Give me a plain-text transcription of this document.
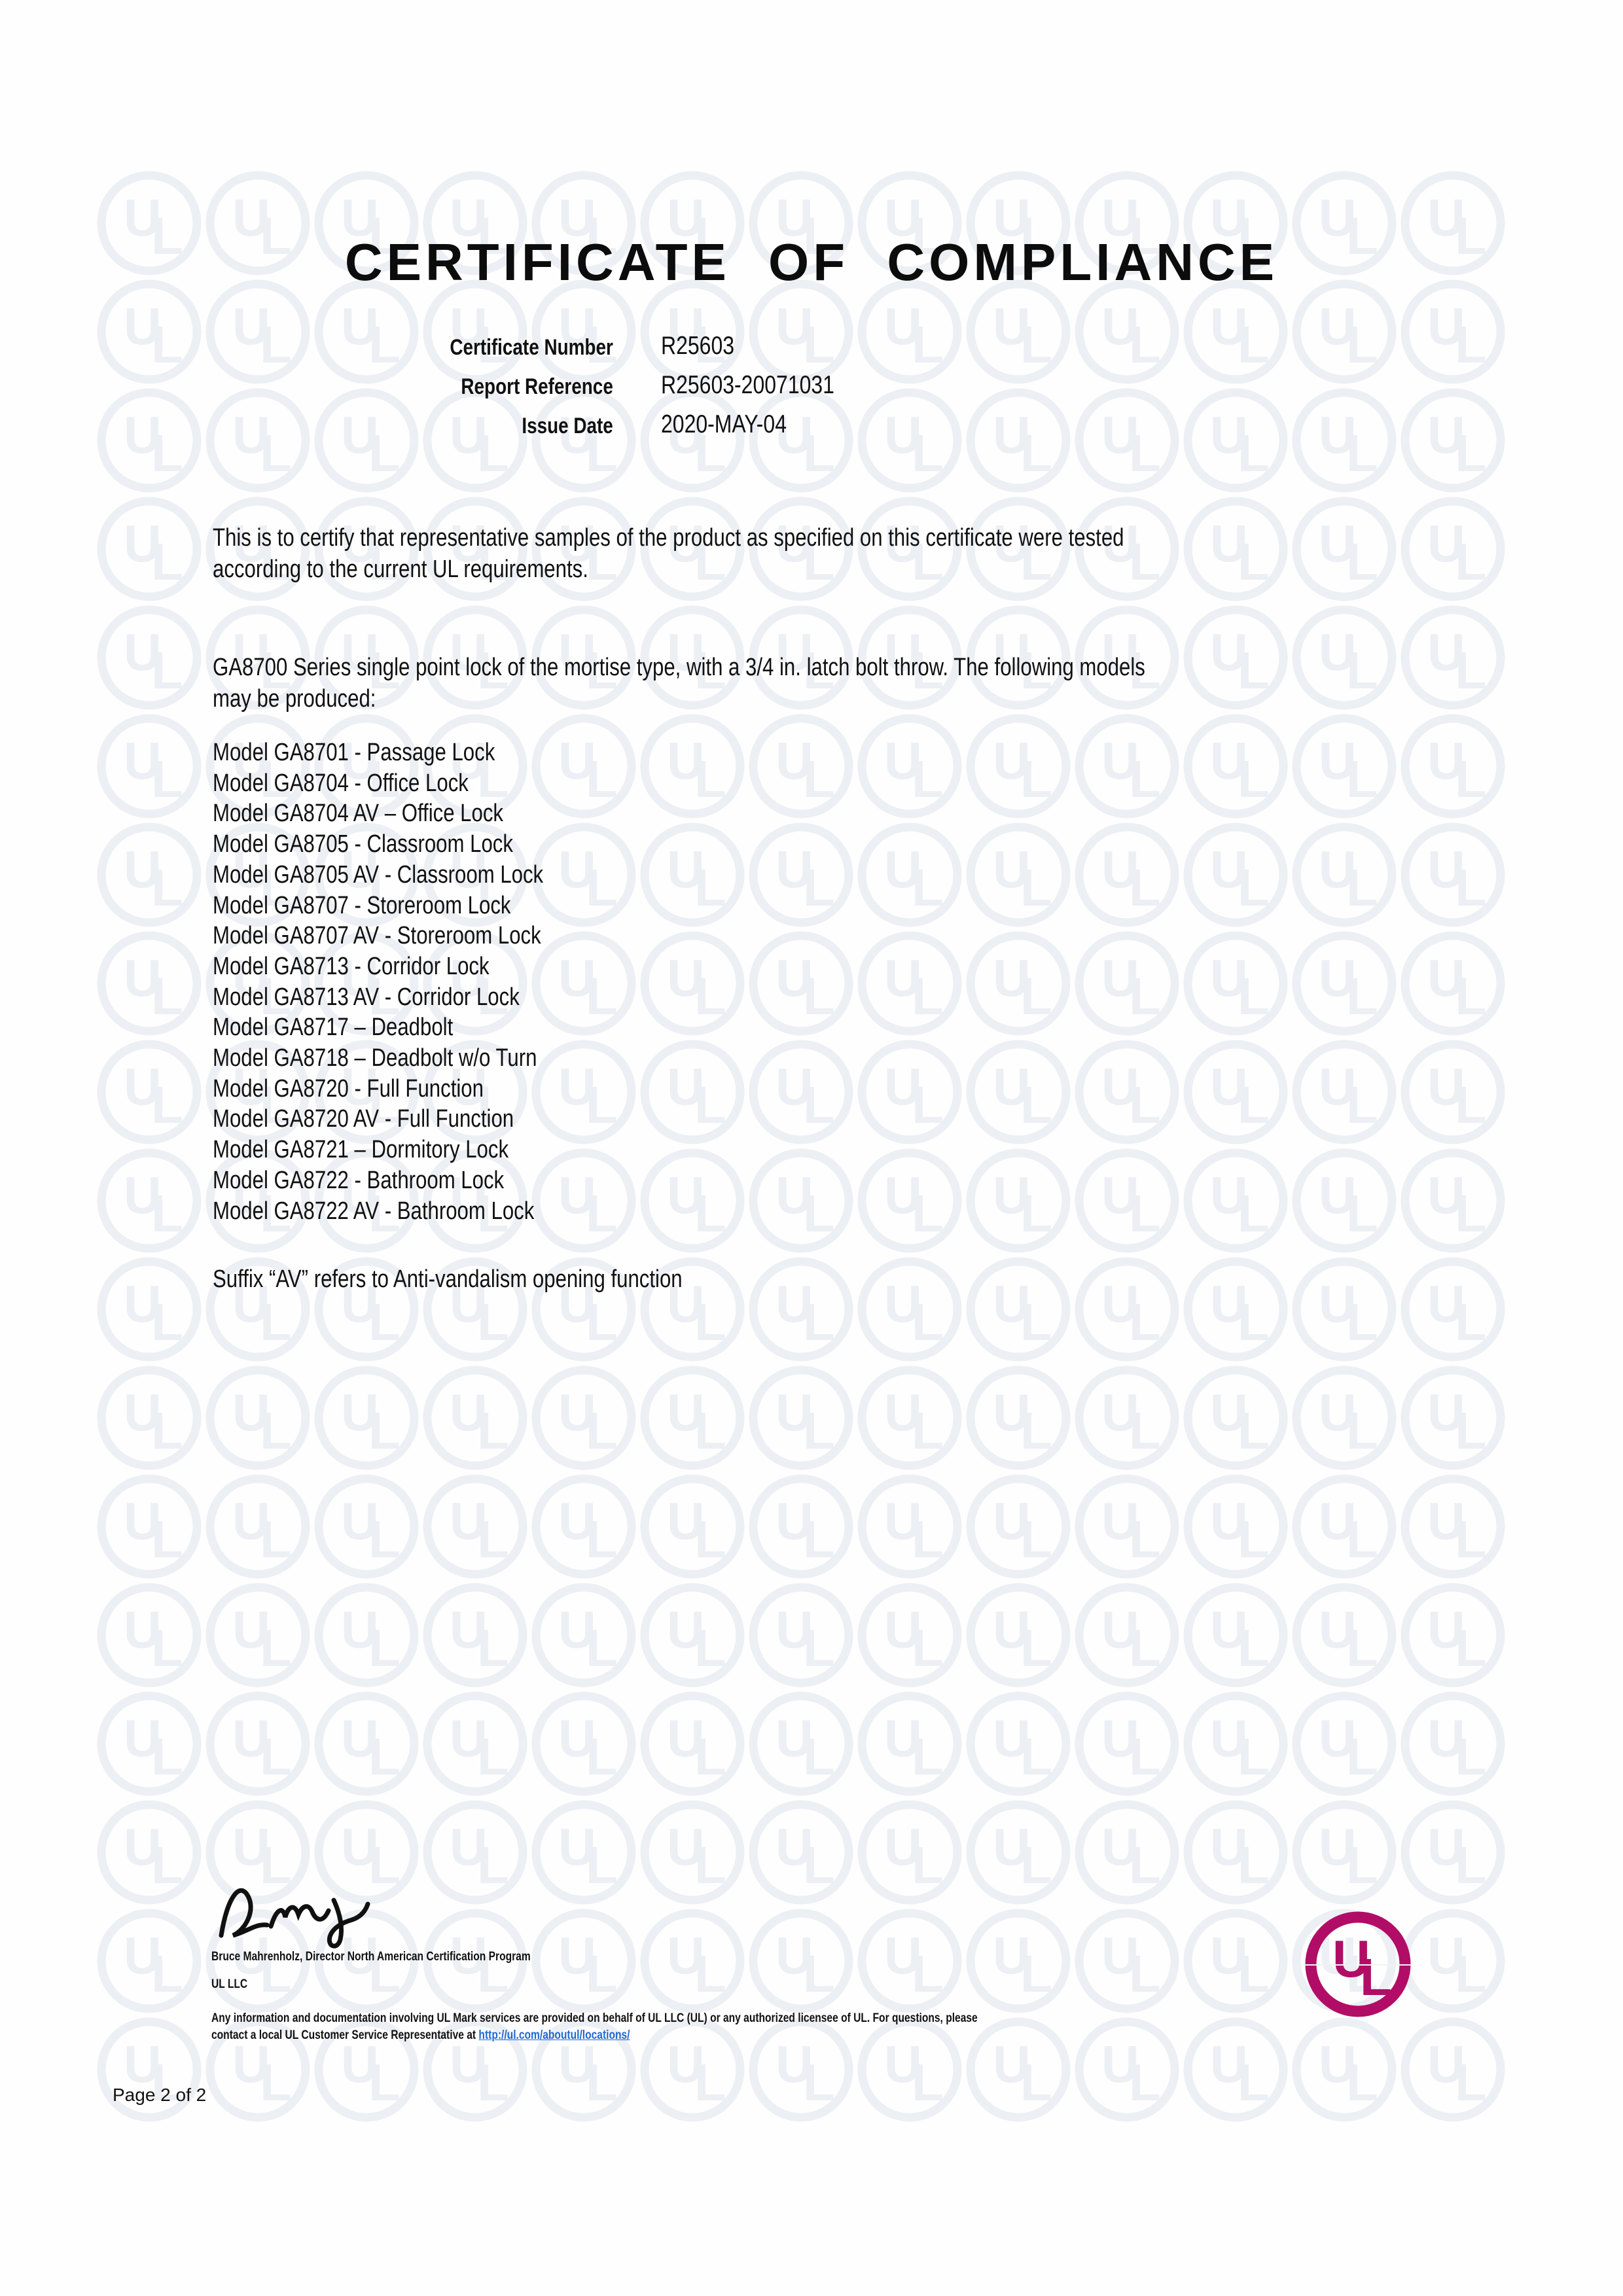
CERTIFICATE OF COMPLIANCE
Certificate Number R25603
Report Reference R25603-20071031
Issue Date 2020-MAY-04
This is to certify that representative samples of the product as specified on this certificate were tested
according to the current UL requirements.
GA8700 Series single point lock of the mortise type, with a 3/4 in. latch bolt throw. The following models
may be produced:
Model GA8701 - Passage Lock
Model GA8704 - Office Lock
Model GA8704 AV – Office Lock
Model GA8705 - Classroom Lock
Model GA8705 AV - Classroom Lock
Model GA8707 - Storeroom Lock
Model GA8707 AV - Storeroom Lock
Model GA8713 - Corridor Lock
Model GA8713 AV - Corridor Lock
Model GA8717 – Deadbolt
Model GA8718 – Deadbolt w/o Turn
Model GA8720 - Full Function
Model GA8720 AV - Full Function
Model GA8721 – Dormitory Lock
Model GA8722 - Bathroom Lock
Model GA8722 AV - Bathroom Lock
Suffix “AV” refers to Anti-vandalism opening function
Bruce Mahrenholz, Director North American Certification Program
UL LLC
Any information and documentation involving UL Mark services are provided on behalf of UL LLC (UL) or any authorized licensee of UL. For questions, please
contact a local UL Customer Service Representative at http://ul.com/aboutul/locations/
U
L
Page 2 of 2
